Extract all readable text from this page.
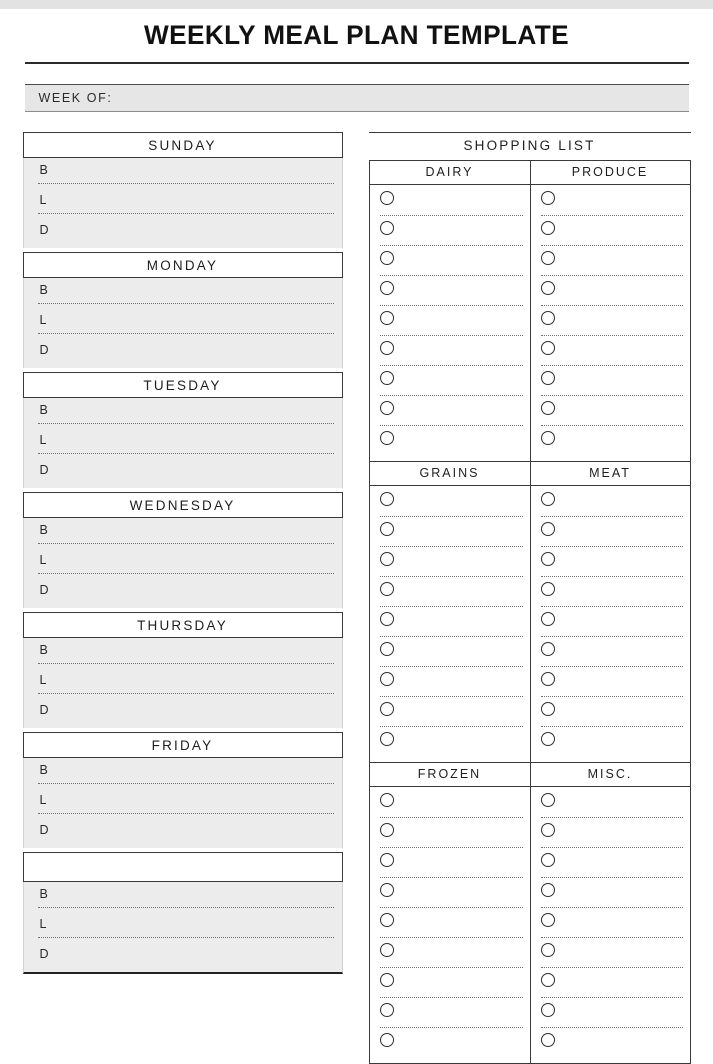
WEEKLY MEAL PLAN TEMPLATE
WEEK OF:
SUNDAY
B
L
D
MONDAY
B
L
D
TUESDAY
B
L
D
WEDNESDAY
B
L
D
THURSDAY
B
L
D
FRIDAY
B
L
D
B
L
D
SHOPPING LIST
DAIRY	PRODUCE
GRAINS	MEAT
FROZEN	MISC.
